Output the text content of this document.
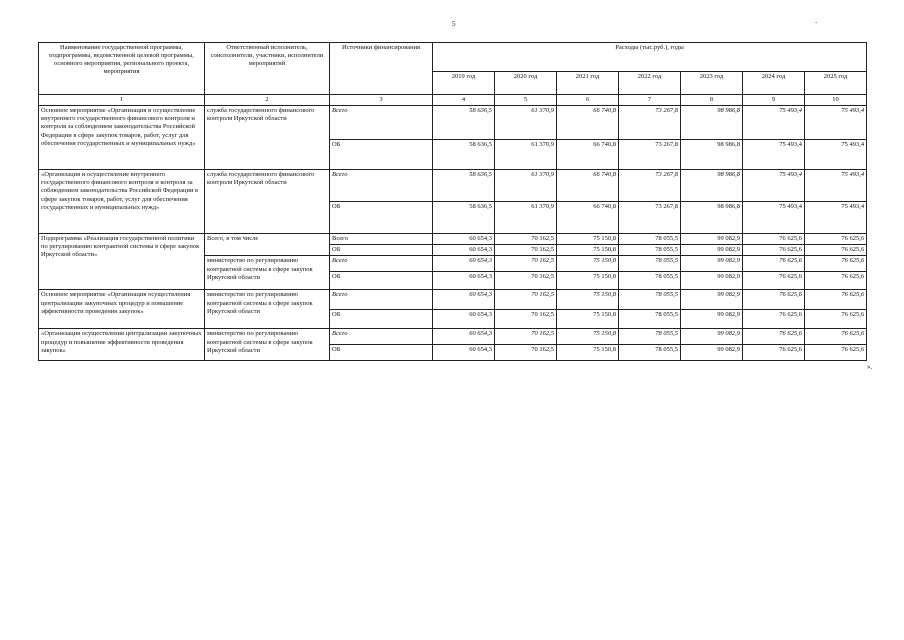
5	-
Наименование государственной программы, подпрограммы, ведомственной целевой программы, основного мероприятия, регионального проекта, мероприятия	Ответственный исполнитель, соисполнители, участники, исполнители мероприятий	Источники финансирования	Расходы (тыс.руб.), годы						
			2019 год	2020 год	2021 год	2022 год	2023 год	2024 год	2025 год
1	2	3	4	5	6	7	8	9	10
Основное мероприятие «Организация и осуществление внутреннего государственного финансового контроля и контроля за соблюдением законодательства Российской Федерации в сфере закупок товаров, работ, услуг для обеспечения государственных и муниципальных нужд»	служба государственного финансового контроля Иркутской области	Всего	58 636,5	61 370,9	66 740,8	73 267,8	98 986,8	75 493,4	75 493,4
		ОБ	58 636,5	61 370,9	66 740,8	73 267,8	98 986,8	75 493,4	75 493,4
«Организация и осуществление внутреннего государственного финансового контроля и контроля за соблюдением законодательства Российской Федерации в сфере закупок товаров, работ, услуг для обеспечения государственных и муниципальных нужд»	служба государственного финансового контроля Иркутской области	Всего	58 636,5	61 370,9	66 740,8	73 267,8	98 986,8	75 493,4	75 493,4
		ОБ	58 636,5	61 370,9	66 740,8	73 267,8	98 986,8	75 493,4	75 493,4
Подпрограмма «Реализация государственной политики по регулированию контрактной системы в сфере закупок Иркутской области»	Всего, в том числе	Всего	60 654,3	70 162,5	75 150,8	78 055,5	99 082,9	76 625,6	76 625,6
		ОБ	60 654,3	70 162,5	75 150,8	78 055,5	99 082,9	76 625,6	76 625,6
	министерство по регулированию контрактной системы в сфере закупок Иркутской области	Всего	60 654,3	70 162,5	75 150,8	78 055,5	99 082,9	76 625,6	76 625,6
		ОБ	60 654,3	70 162,5	75 150,8	78 055,5	99 082,9	76 625,6	76 625,6
Основное мероприятие «Организация осуществления централизации закупочных процедур и повышение эффективности проведения закупок»	министерство по регулированию контрактной системы в сфере закупок Иркутской области	Всего	60 654,3	70 162,5	75 150,8	78 055,5	99 082,9	76 625,6	76 625,6
		ОБ	60 654,3	70 162,5	75 150,8	78 055,5	99 082,9	76 625,6	76 625,6
«Организация осуществления централизации закупочных процедур и повышение эффективности проведения закупок»	министерство по регулированию контрактной системы в сфере закупок Иркутской области	Всего	60 654,3	70 162,5	75 150,8	78 055,5	99 082,9	76 625,6	76 625,6
		ОБ	60 654,3	70 162,5	75 150,8	78 055,5	99 082,9	76 625,6	76 625,6
».
